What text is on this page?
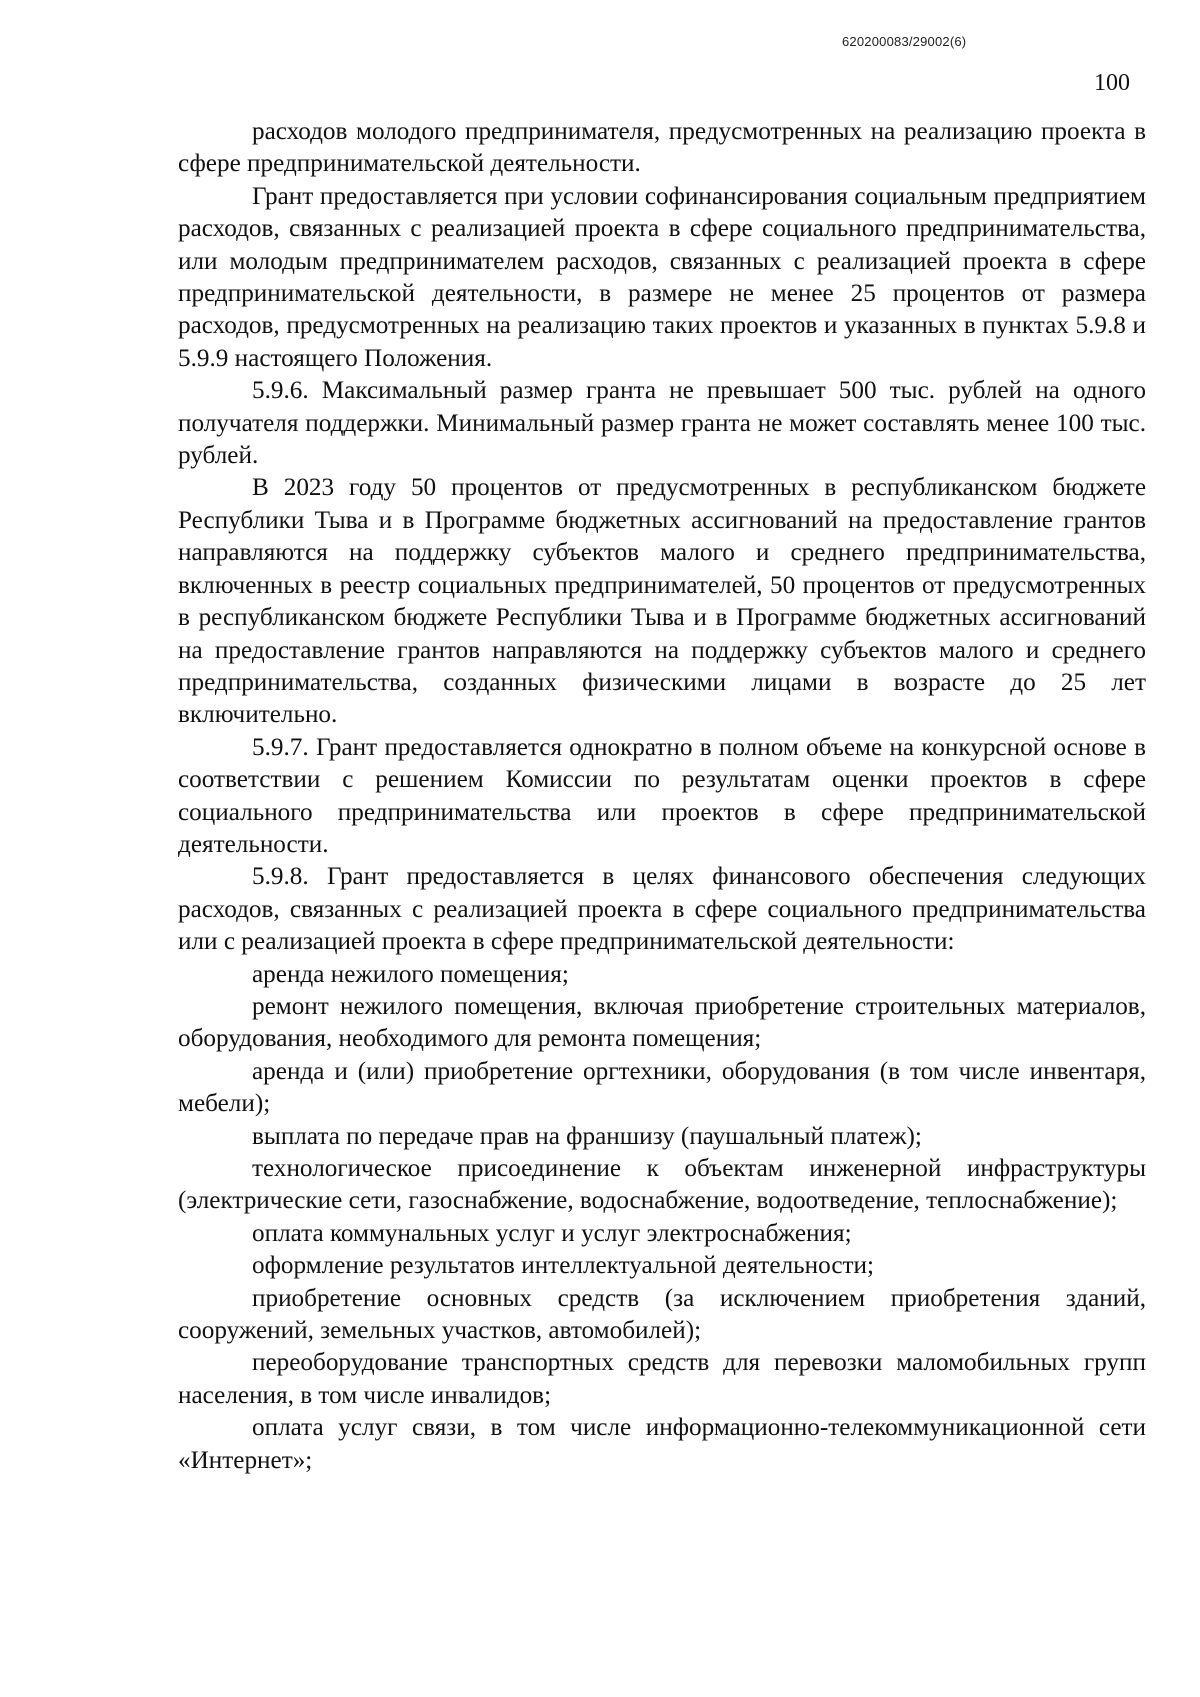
620200083/29002(6)
100

расходов молодого предпринимателя, предусмотренных на реализацию проекта в сфере предпринимательской деятельности.

Грант предоставляется при условии софинансирования социальным предприятием расходов, связанных с реализацией проекта в сфере социального предпринимательства, или молодым предпринимателем расходов, связанных с реализацией проекта в сфере предпринимательской деятельности, в размере не менее 25 процентов от размера расходов, предусмотренных на реализацию таких проектов и указанных в пунктах 5.9.8 и 5.9.9 настоящего Положения.

5.9.6. Максимальный размер гранта не превышает 500 тыс. рублей на одного получателя поддержки. Минимальный размер гранта не может составлять менее 100 тыс. рублей.

В 2023 году 50 процентов от предусмотренных в республиканском бюджете Республики Тыва и в Программе бюджетных ассигнований на предоставление грантов направляются на поддержку субъектов малого и среднего предпринимательства, включенных в реестр социальных предпринимателей, 50 процентов от предусмотренных в республиканском бюджете Республики Тыва и в Программе бюджетных ассигнований на предоставление грантов направляются на поддержку субъектов малого и среднего предпринимательства, созданных физическими лицами в возрасте до 25 лет включительно.

5.9.7. Грант предоставляется однократно в полном объеме на конкурсной основе в соответствии с решением Комиссии по результатам оценки проектов в сфере социального предпринимательства или проектов в сфере предпринимательской деятельности.

5.9.8. Грант предоставляется в целях финансового обеспечения следующих расходов, связанных с реализацией проекта в сфере социального предпринимательства или с реализацией проекта в сфере предпринимательской деятельности:

аренда нежилого помещения;

ремонт нежилого помещения, включая приобретение строительных материалов, оборудования, необходимого для ремонта помещения;

аренда и (или) приобретение оргтехники, оборудования (в том числе инвентаря, мебели);

выплата по передаче прав на франшизу (паушальный платеж);

технологическое присоединение к объектам инженерной инфраструктуры (электрические сети, газоснабжение, водоснабжение, водоотведение, теплоснабжение);

оплата коммунальных услуг и услуг электроснабжения;

оформление результатов интеллектуальной деятельности;

приобретение основных средств (за исключением приобретения зданий, сооружений, земельных участков, автомобилей);

переоборудование транспортных средств для перевозки маломобильных групп населения, в том числе инвалидов;

оплата услуг связи, в том числе информационно-телекоммуникационной сети «Интернет»;
